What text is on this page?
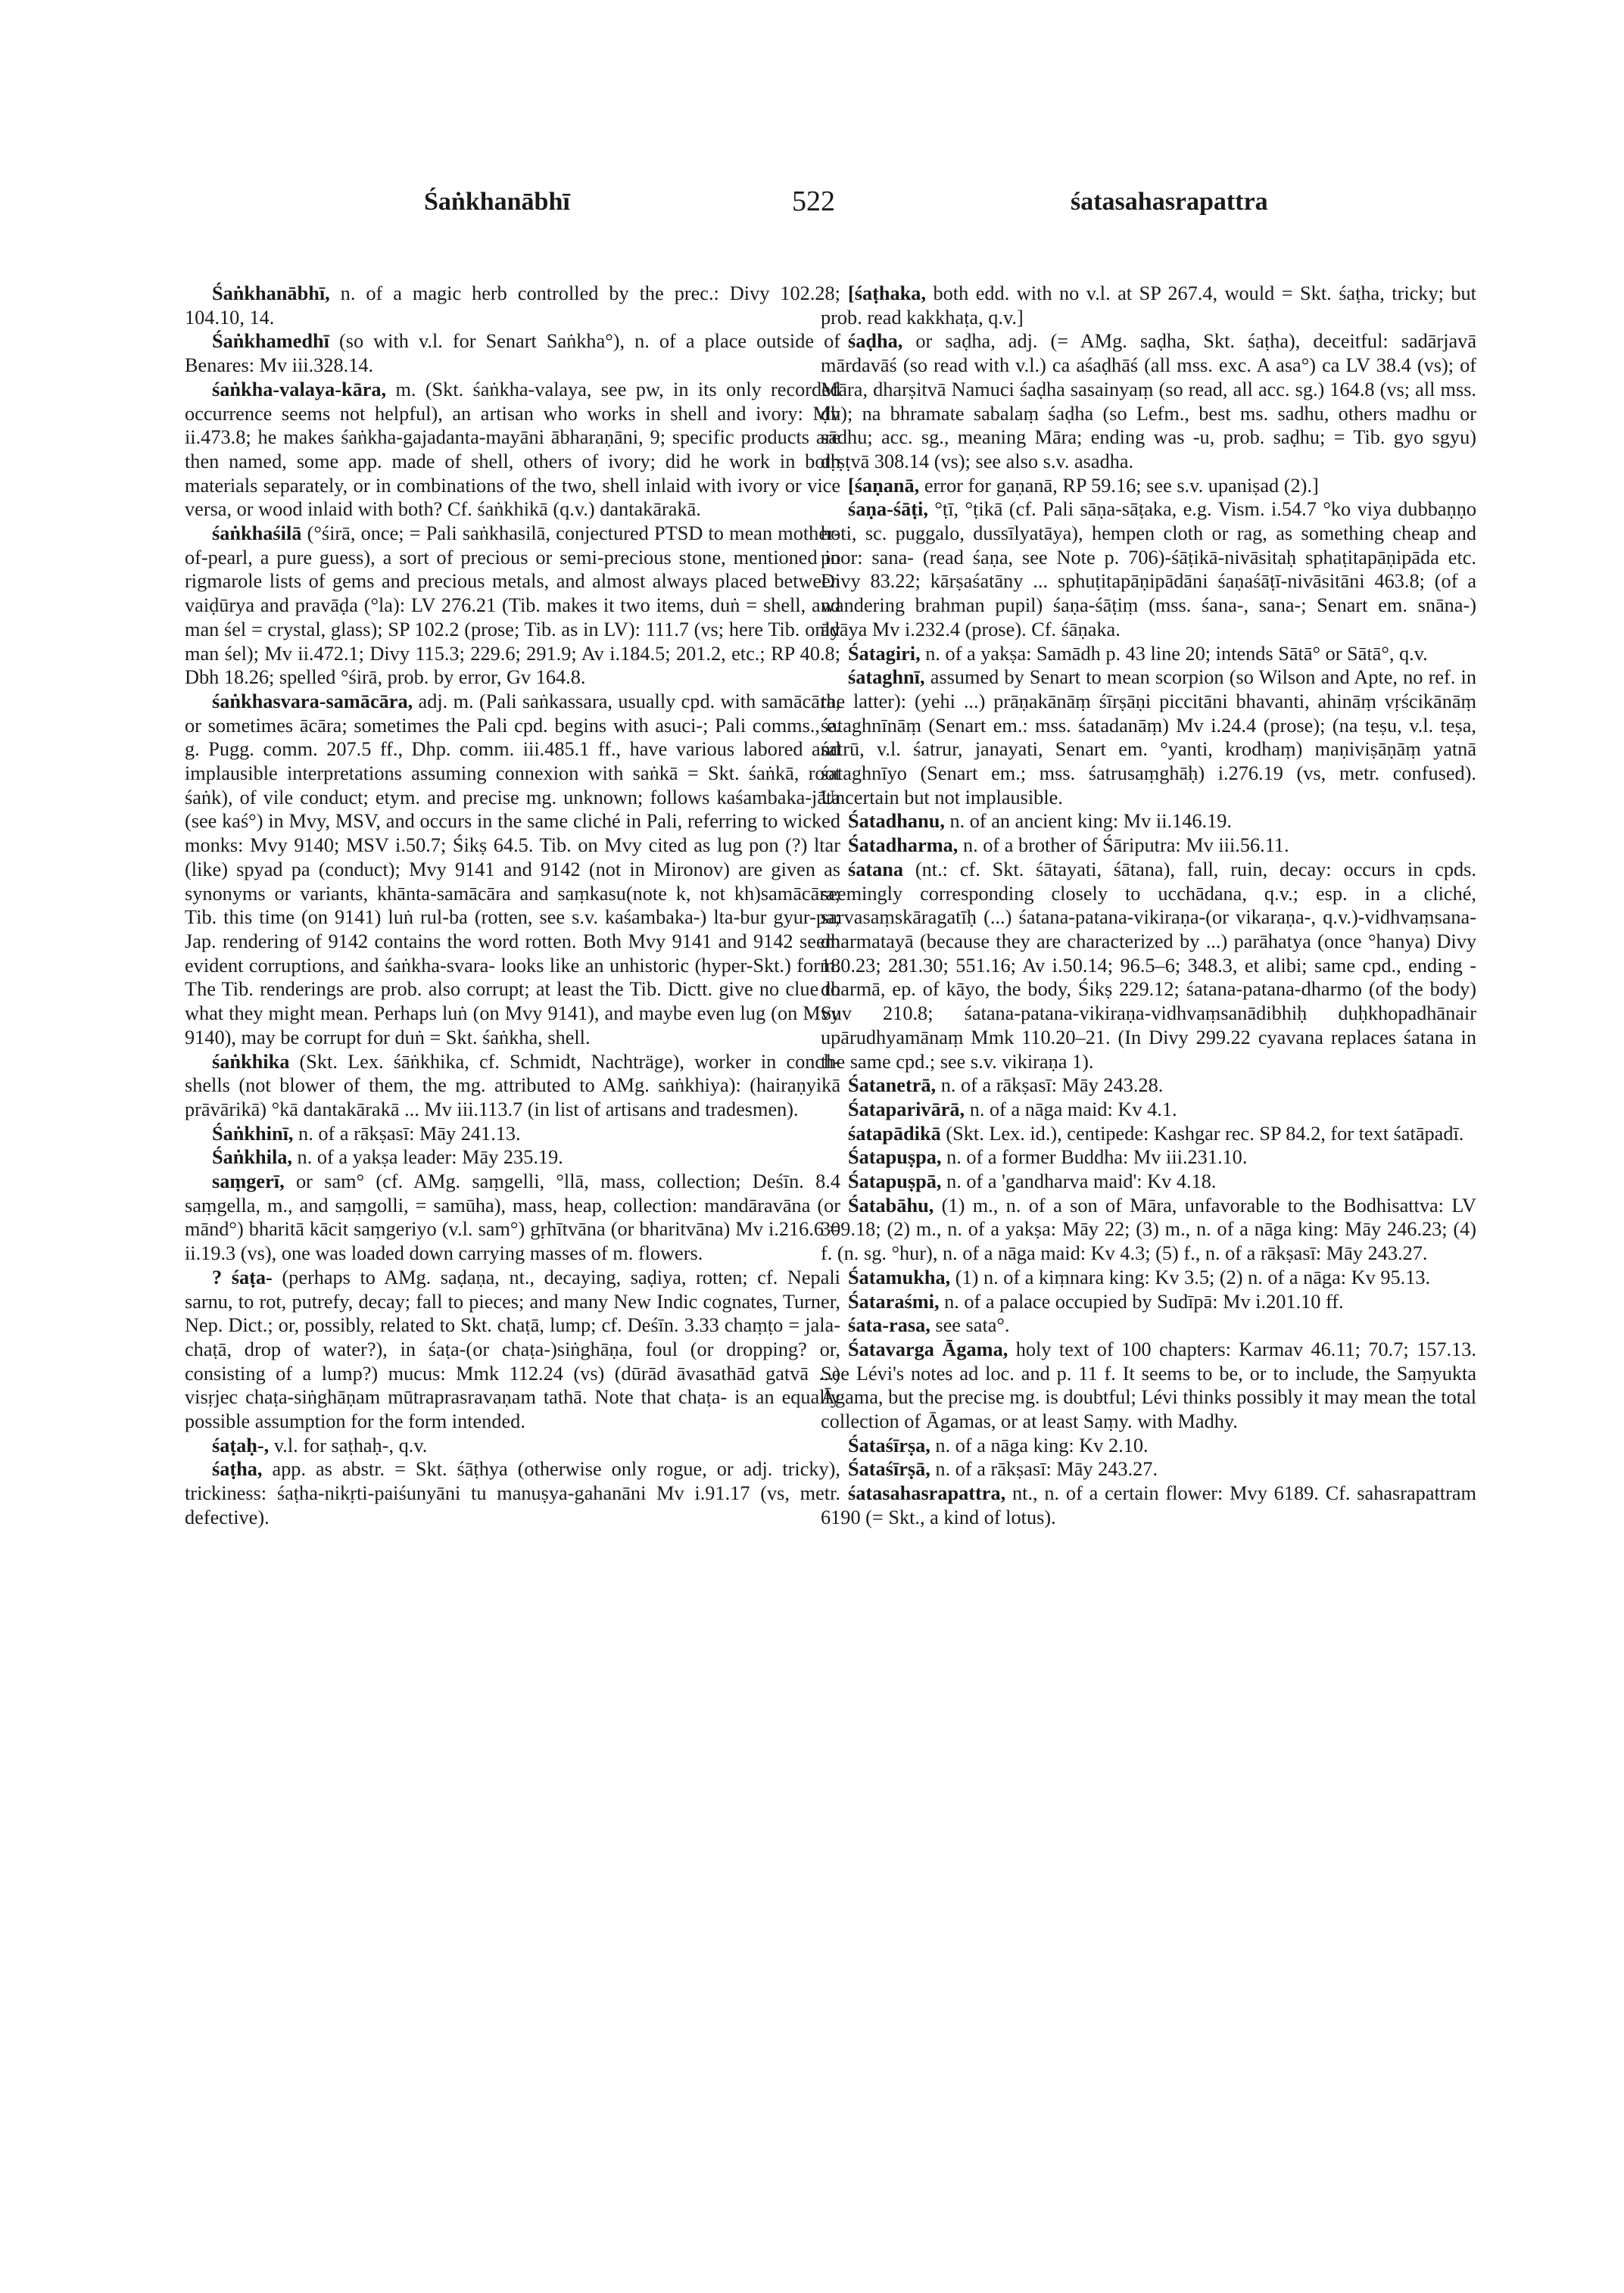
Śaṅkhanābhī	522	śatasahasrapattra

Śaṅkhanābhī, n. of a magic herb controlled by the prec.: Divy 102.28; 104.10, 14.

Śaṅkhamedhī (so with v.l. for Senart Saṅkha°), n. of a place outside of Benares: Mv iii.328.14.

śaṅkha-valaya-kāra, m. (Skt. śaṅkha-valaya, see pw, in its only recorded occurrence seems not helpful), an artisan who works in shell and ivory: Mv ii.473.8; he makes śaṅkha-gajadanta-mayāni ābharaṇāni, 9; specific products are then named, some app. made of shell, others of ivory; did he work in both materials separately, or in combinations of the two, shell inlaid with ivory or vice versa, or wood inlaid with both? Cf. śaṅkhikā (q.v.) dantakārakā.

śaṅkhaśilā (°śirā, once; = Pali saṅkhasilā, conjectured PTSD to mean mother-of-pearl, a pure guess), a sort of precious or semi-precious stone, mentioned in rigmarole lists of gems and precious metals, and almost always placed between vaiḍūrya and pravāḍa (°la): LV 276.21 (Tib. makes it two items, duṅ = shell, and man śel = crystal, glass); SP 102.2 (prose; Tib. as in LV): 111.7 (vs; here Tib. only man śel); Mv ii.472.1; Divy 115.3; 229.6; 291.9; Av i.184.5; 201.2, etc.; RP 40.8; Dbh 18.26; spelled °śirā, prob. by error, Gv 164.8.

śaṅkhasvara-samācāra, adj. m. (Pali saṅkassara, usually cpd. with samācāra, or sometimes ācāra; sometimes the Pali cpd. begins with asuci-; Pali comms., e. g. Pugg. comm. 207.5 ff., Dhp. comm. iii.485.1 ff., have various labored and implausible interpretations assuming connexion with saṅkā = Skt. śaṅkā, root śaṅk), of vile conduct; etym. and precise mg. unknown; follows kaśambaka-jāta (see kaś°) in Mvy, MSV, and occurs in the same cliché in Pali, referring to wicked monks: Mvy 9140; MSV i.50.7; Śikṣ 64.5. Tib. on Mvy cited as lug pon (?) ltar (like) spyad pa (conduct); Mvy 9141 and 9142 (not in Mironov) are given as synonyms or variants, khānta-samācāra and saṃkasu(note k, not kh)samācāra; Tib. this time (on 9141) luṅ rul-ba (rotten, see s.v. kaśambaka-) lta-bur gyur-pa; Jap. rendering of 9142 contains the word rotten. Both Mvy 9141 and 9142 seem evident corruptions, and śaṅkha-svara- looks like an unhistoric (hyper-Skt.) form. The Tib. renderings are prob. also corrupt; at least the Tib. Dictt. give no clue to what they might mean. Perhaps luṅ (on Mvy 9141), and maybe even lug (on Mvy 9140), may be corrupt for duṅ = Skt. śaṅkha, shell.

śaṅkhika (Skt. Lex. śāṅkhika, cf. Schmidt, Nachträge), worker in conch-shells (not blower of them, the mg. attributed to AMg. saṅkhiya): (hairaṇyikā prāvārikā) °kā dantakārakā ... Mv iii.113.7 (in list of artisans and tradesmen).

Śaṅkhinī, n. of a rākṣasī: Māy 241.13.

Śaṅkhila, n. of a yakṣa leader: Māy 235.19.

saṃgerī, or sam° (cf. AMg. saṃgelli, °llā, mass, collection; Deśīn. 8.4 saṃgella, m., and saṃgolli, = samūha), mass, heap, collection: mandāravāna (or mānd°) bharitā kācit saṃgeriyo (v.l. sam°) gṛhītvāna (or bharitvāna) Mv i.216.6 = ii.19.3 (vs), one was loaded down carrying masses of m. flowers.

? śaṭa- (perhaps to AMg. saḍaṇa, nt., decaying, saḍiya, rotten; cf. Nepali sarnu, to rot, putrefy, decay; fall to pieces; and many New Indic cognates, Turner, Nep. Dict.; or, possibly, related to Skt. chaṭā, lump; cf. Deśīn. 3.33 chaṃṭo = jala-chaṭā, drop of water?), in śaṭa-(or chaṭa-)siṅghāṇa, foul (or dropping? or, consisting of a lump?) mucus: Mmk 112.24 (vs) (dūrād āvasathād gatvā ...) visṛjec chaṭa-siṅghāṇam mūtraprasravaṇam tathā. Note that chaṭa- is an equally possible assumption for the form intended.

śaṭaḥ-, v.l. for saṭhaḥ-, q.v.

śaṭha, app. as abstr. = Skt. śāṭhya (otherwise only rogue, or adj. tricky), trickiness: śaṭha-nikṛti-paiśunyāni tu manuṣya-gahanāni Mv i.91.17 (vs, metr. defective).

[śaṭhaka, both edd. with no v.l. at SP 267.4, would = Skt. śaṭha, tricky; but prob. read kakkhaṭa, q.v.]

śaḍha, or saḍha, adj. (= AMg. saḍha, Skt. śaṭha), deceitful: sadārjavā mārdavāś (so read with v.l.) ca aśaḍhāś (all mss. exc. A asa°) ca LV 38.4 (vs); of Māra, dharṣitvā Namuci śaḍha sasainyaṃ (so read, all acc. sg.) 164.8 (vs; all mss. ḍh); na bhramate sabalaṃ śaḍha (so Lefm., best ms. sadhu, others madhu or sādhu; acc. sg., meaning Māra; ending was -u, prob. saḍhu; = Tib. gyo sgyu) dṛṣṭvā 308.14 (vs); see also s.v. asadha.

[śaṇanā, error for gaṇanā, RP 59.16; see s.v. upaniṣad (2).]

śaṇa-śāṭi, °ṭī, °ṭikā (cf. Pali sāṇa-sāṭaka, e.g. Vism. i.54.7 °ko viya dubbaṇṇo hoti, sc. puggalo, dussīlyatāya), hempen cloth or rag, as something cheap and poor: sana- (read śaṇa, see Note p. 706)-śāṭikā-nivāsitaḥ sphaṭitapāṇipāda etc. Divy 83.22; kārṣaśatāny ... sphuṭitapāṇipādāni śaṇaśāṭī-nivāsitāni 463.8; (of a wandering brahman pupil) śaṇa-śāṭiṃ (mss. śana-, sana-; Senart em. snāna-) ādāya Mv i.232.4 (prose). Cf. śāṇaka.

Śatagiri, n. of a yakṣa: Samādh p. 43 line 20; intends Sātā° or Sātā°, q.v.

śataghnī, assumed by Senart to mean scorpion (so Wilson and Apte, no ref. in the latter): (yehi ...) prāṇakānāṃ śīrṣāṇi piccitāni bhavanti, ahināṃ vṛścikānāṃ śataghnīnāṃ (Senart em.: mss. śatadanāṃ) Mv i.24.4 (prose); (na teṣu, v.l. teṣa, śatrū, v.l. śatrur, janayati, Senart em. °yanti, krodhaṃ) maṇiviṣāṇāṃ yatnā śataghnīyo (Senart em.; mss. śatrusaṃghāḥ) i.276.19 (vs, metr. confused). Uncertain but not implausible.

Śatadhanu, n. of an ancient king: Mv ii.146.19.

Śatadharma, n. of a brother of Śāriputra: Mv iii.56.11.

śatana (nt.: cf. Skt. śātayati, śātana), fall, ruin, decay: occurs in cpds. seemingly corresponding closely to ucchādana, q.v.; esp. in a cliché, sarvasaṃskāragatīḥ (...) śatana-patana-vikiraṇa-(or vikaraṇa-, q.v.)-vidhvaṃsana-dharmatayā (because they are characterized by ...) parāhatya (once °hanya) Divy 180.23; 281.30; 551.16; Av i.50.14; 96.5–6; 348.3, et alibi; same cpd., ending -dharmā, ep. of kāyo, the body, Śikṣ 229.12; śatana-patana-dharmo (of the body) Suv 210.8; śatana-patana-vikiraṇa-vidhvaṃsanādibhiḥ duḥkhopadhānair upārudhyamānaṃ Mmk 110.20–21. (In Divy 299.22 cyavana replaces śatana in the same cpd.; see s.v. vikiraṇa 1).

Śatanetrā, n. of a rākṣasī: Māy 243.28.

Śataparivārā, n. of a nāga maid: Kv 4.1.

śatapādikā (Skt. Lex. id.), centipede: Kashgar rec. SP 84.2, for text śatāpadī.

Śatapuṣpa, n. of a former Buddha: Mv iii.231.10.

Śatapuṣpā, n. of a 'gandharva maid': Kv 4.18.

Śatabāhu, (1) m., n. of a son of Māra, unfavorable to the Bodhisattva: LV 309.18; (2) m., n. of a yakṣa: Māy 22; (3) m., n. of a nāga king: Māy 246.23; (4) f. (n. sg. °hur), n. of a nāga maid: Kv 4.3; (5) f., n. of a rākṣasī: Māy 243.27.

Śatamukha, (1) n. of a kiṃnara king: Kv 3.5; (2) n. of a nāga: Kv 95.13.

Śataraśmi, n. of a palace occupied by Sudīpā: Mv i.201.10 ff.

śata-rasa, see sata°.

Śatavarga Āgama, holy text of 100 chapters: Karmav 46.11; 70.7; 157.13. See Lévi's notes ad loc. and p. 11 f. It seems to be, or to include, the Saṃyukta Āgama, but the precise mg. is doubtful; Lévi thinks possibly it may mean the total collection of Āgamas, or at least Saṃy. with Madhy.

Śataśīrṣa, n. of a nāga king: Kv 2.10.

Śataśīrṣā, n. of a rākṣasī: Māy 243.27.

śatasahasrapattra, nt., n. of a certain flower: Mvy 6189. Cf. sahasrapattram 6190 (= Skt., a kind of lotus).
